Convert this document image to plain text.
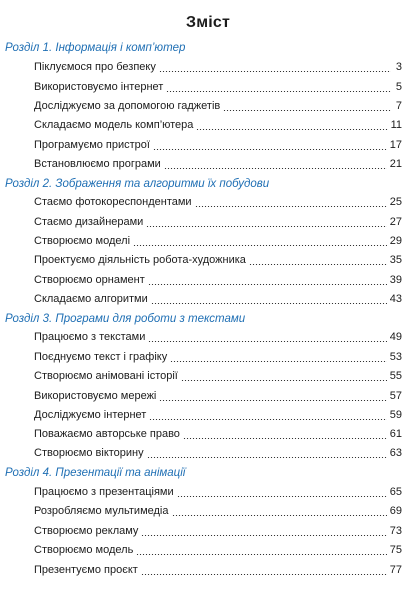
Зміст
Розділ 1. Інформація і комп’ютер
Піклуємося про безпеку	3
Використовуємо інтернет	5
Досліджуємо за допомогою гаджетів	7
Складаємо модель комп’ютера	11
Програмуємо пристрої	17
Встановлюємо програми	21
Розділ 2. Зображення та алгоритми їх побудови
Стаємо фотокореспондентами	25
Стаємо дизайнерами	27
Створюємо моделі	29
Проектуємо діяльність робота-художника	35
Створюємо орнамент	39
Складаємо алгоритми	43
Розділ 3. Програми для роботи з текстами
Працюємо з текстами	49
Поєднуємо текст і графіку	53
Створюємо анімовані історії	55
Використовуємо мережі	57
Досліджуємо інтернет	59
Поважаємо авторське право	61
Створюємо вікторину	63
Розділ 4. Презентації та анімації
Працюємо з презентаціями	65
Розробляємо мультимедіа	69
Створюємо рекламу	73
Створюємо модель	75
Презентуємо проєкт	77
